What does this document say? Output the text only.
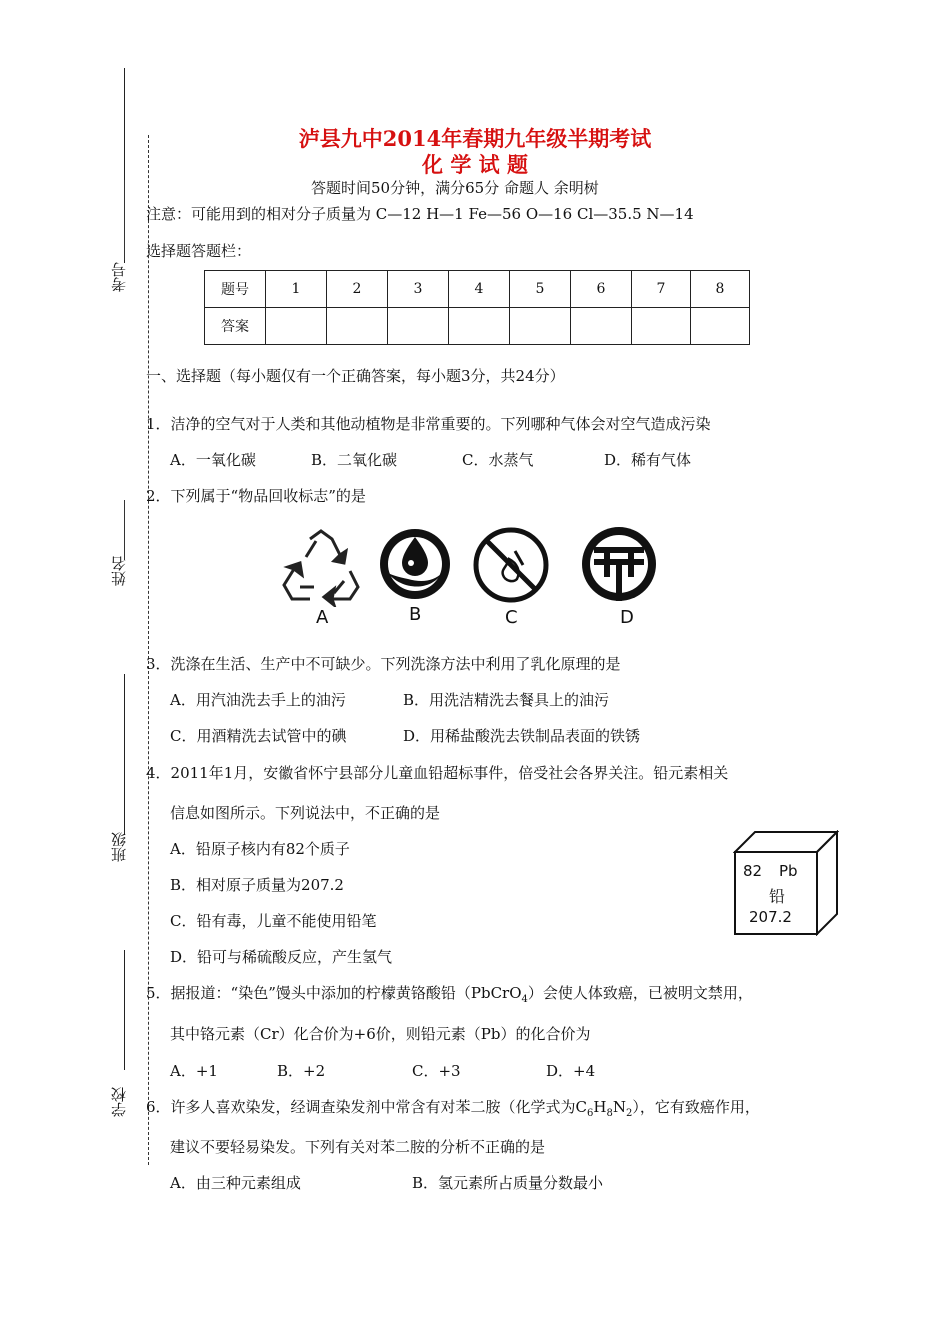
考号
姓名
班级
学校
泸县九中2014年春期九年级半期考试
化 学 试 题
答题时间50分钟，满分65分 命题人 余明树
注意：可能用到的相对分子质量为 C—12 H—1 Fe—56 O—16 Cl—35.5 N—14
选择题答题栏：
题号	1	2	3	4	5	6	7	8
答案								
一、选择题（每小题仅有一个正确答案，每小题3分，共24分）
1．洁净的空气对于人类和其他动植物是非常重要的。下列哪种气体会对空气造成污染
A．一氧化碳	B．二氧化碳	C．水蒸气	D．稀有气体
2．下列属于“物品回收标志”的是
A	B	C	D
3．洗涤在生活、生产中不可缺少。下列洗涤方法中利用了乳化原理的是
A．用汽油洗去手上的油污	B．用洗洁精洗去餐具上的油污
C．用酒精洗去试管中的碘	D．用稀盐酸洗去铁制品表面的铁锈
4．2011年1月，安徽省怀宁县部分儿童血铅超标事件，倍受社会各界关注。铅元素相关
信息如图所示。下列说法中，不正确的是
A．铅原子核内有82个质子
B．相对原子质量为207.2
C．铅有毒，儿童不能使用铅笔
D．铅可与稀硫酸反应，产生氢气
82 Pb
铅
207.2
5．据报道：“染色”馒头中添加的柠檬黄铬酸铅（PbCrO$_4$）会使人体致癌，已被明文禁用，
其中铬元素（Cr）化合价为+6价，则铅元素（Pb）的化合价为
A．+1	B．+2	C．+3	D．+4
6．许多人喜欢染发，经调查染发剂中常含有对苯二胺（化学式为$C_6H_8N_2$），它有致癌作用，
建议不要轻易染发。下列有关对苯二胺的分析不正确的是
A．由三种元素组成	B．氢元素所占质量分数最小
